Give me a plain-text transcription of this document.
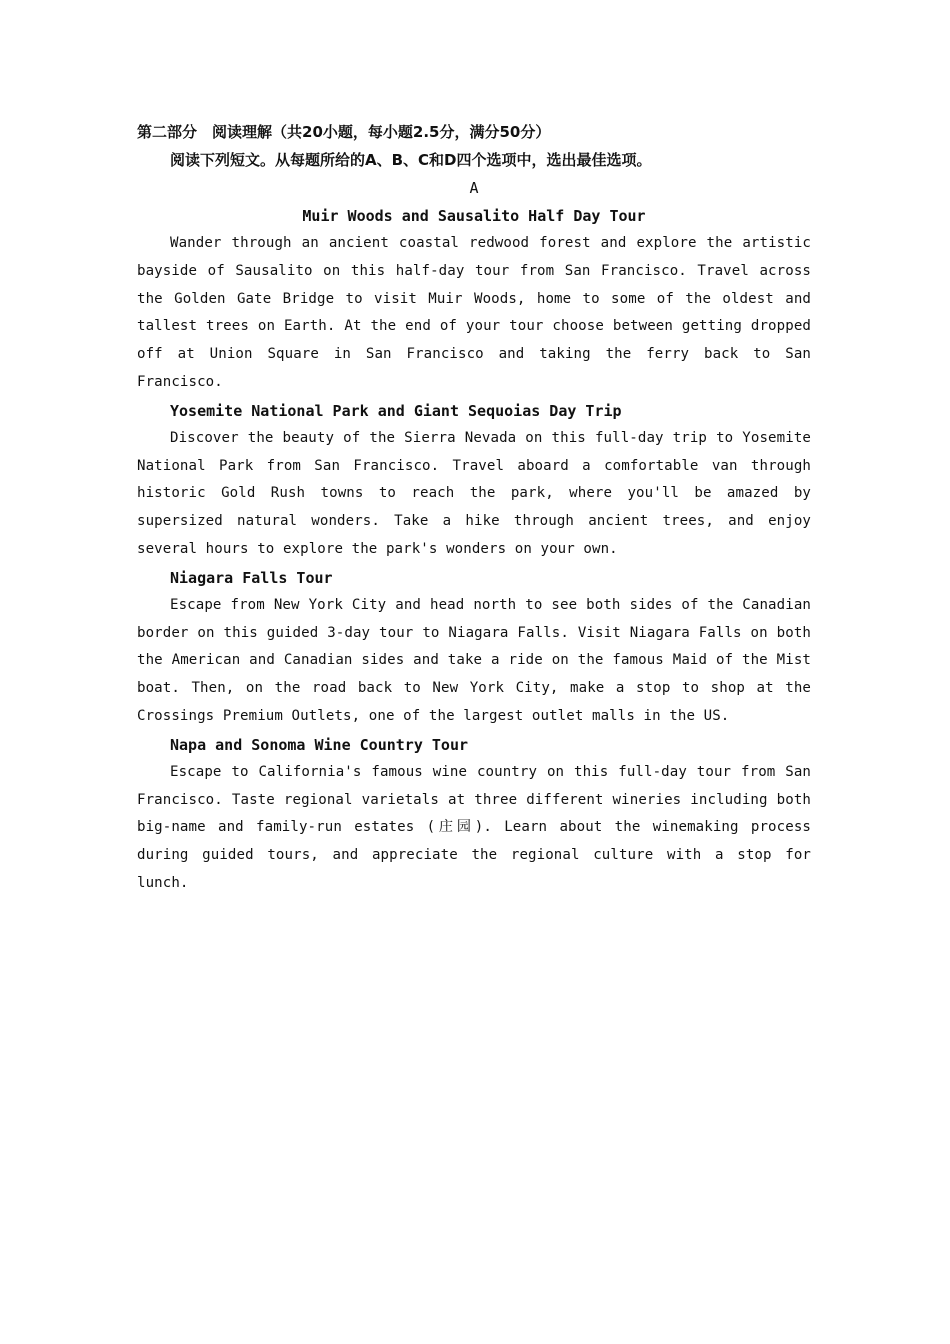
第二部分　阅读理解（共20小题，每小题2.5分，满分50分）

阅读下列短文。从每题所给的A、B、C和D四个选项中，选出最佳选项。

A

Muir Woods and Sausalito Half Day Tour

Wander through an ancient coastal redwood forest and explore the artistic bayside of Sausalito on this half-day tour from San Francisco. Travel across the Golden Gate Bridge to visit Muir Woods, home to some of the oldest and tallest trees on Earth. At the end of your tour choose between getting dropped off at Union Square in San Francisco and taking the ferry back to San Francisco.

Yosemite National Park and Giant Sequoias Day Trip

Discover the beauty of the Sierra Nevada on this full-day trip to Yosemite National Park from San Francisco. Travel aboard a comfortable van through historic Gold Rush towns to reach the park, where you'll be amazed by supersized natural wonders. Take a hike through ancient trees, and enjoy several hours to explore the park's wonders on your own.

Niagara Falls Tour

Escape from New York City and head north to see both sides of the Canadian border on this guided 3-day tour to Niagara Falls. Visit Niagara Falls on both the American and Canadian sides and take a ride on the famous Maid of the Mist boat. Then, on the road back to New York City, make a stop to shop at the Crossings Premium Outlets, one of the largest outlet malls in the US.

Napa and Sonoma Wine Country Tour

Escape to California's famous wine country on this full-day tour from San Francisco. Taste regional varietals at three different wineries including both big-name and family-run estates (庄园). Learn about the winemaking process during guided tours, and appreciate the regional culture with a stop for lunch.
